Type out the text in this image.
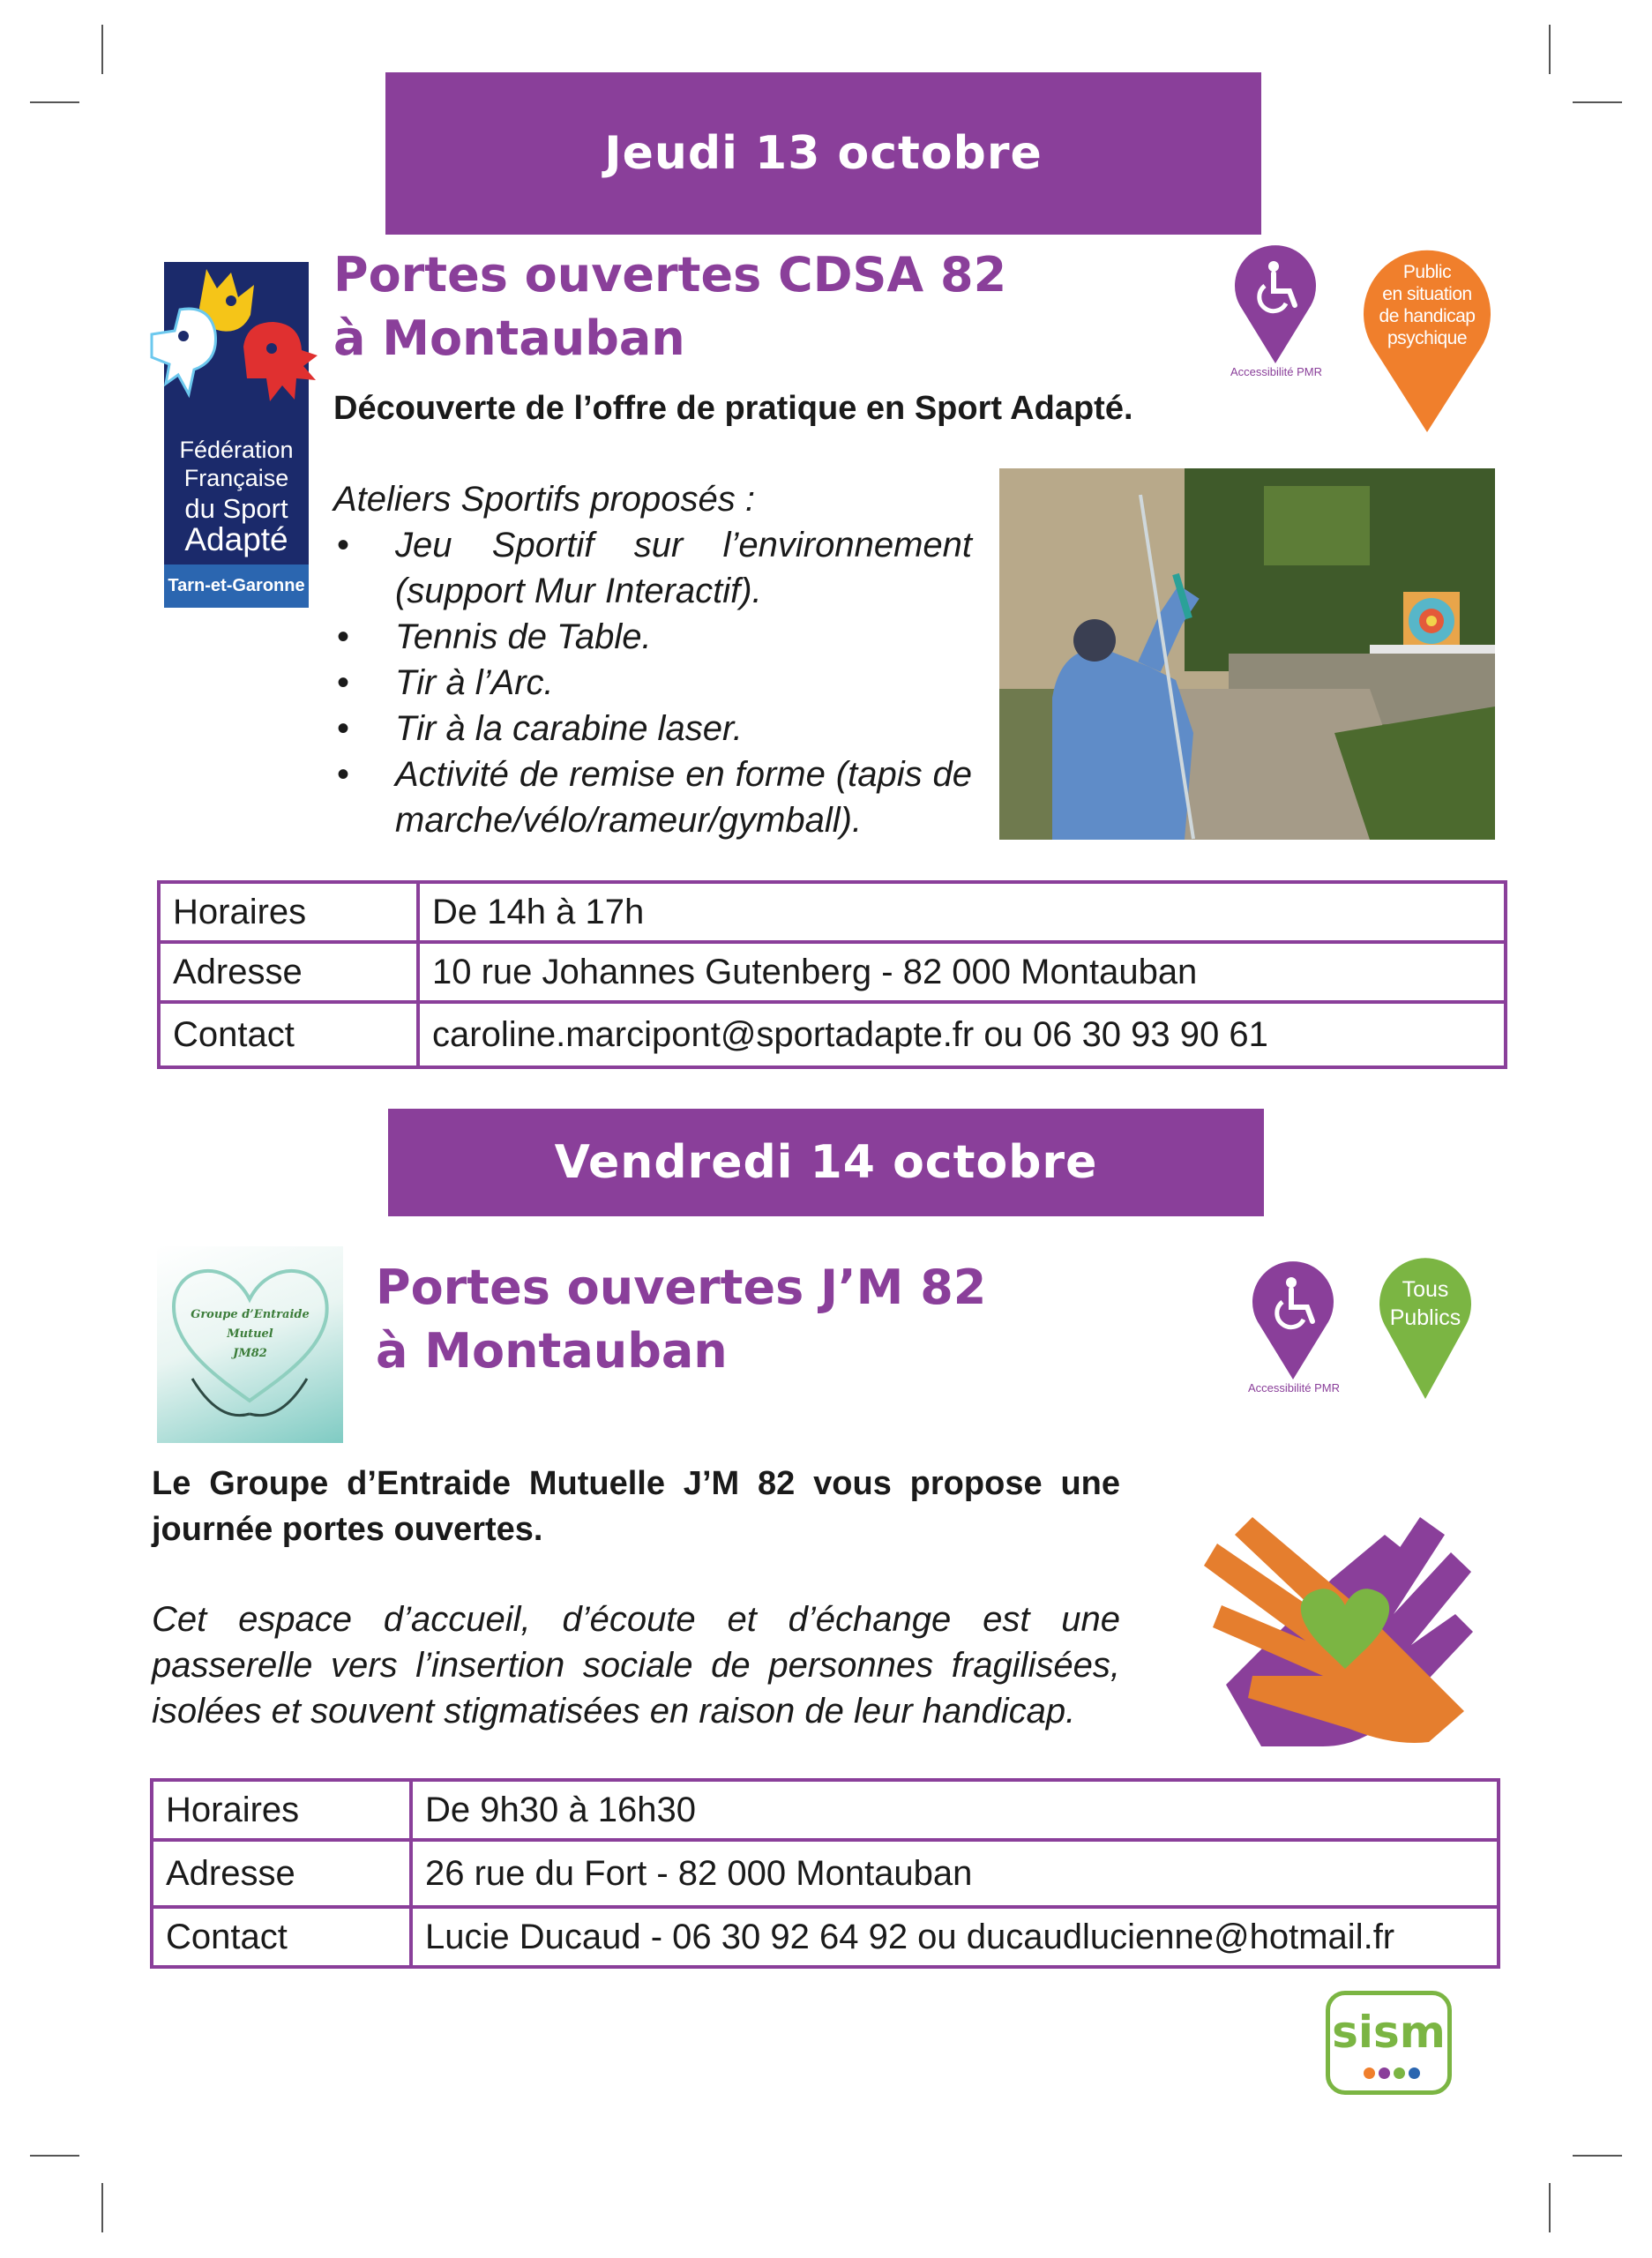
Jeudi 13 octobre
Fédération
Française
du Sport
Adapté
Tarn-et-Garonne
Portes ouvertes CDSA 82
à Montauban
Accessibilité PMR
Public
en situation
de handicap
psychique
Découverte de l’offre de pratique en Sport Adapté.
Ateliers Sportifs proposés :
• Jeu Sportif sur l’environnement (support Mur Interactif).
• Tennis de Table.
• Tir à l’Arc.
• Tir à la carabine laser.
• Activité de remise en forme (tapis de marche/vélo/rameur/gymball).
Horaires	De 14h à 17h
Adresse	10 rue Johannes Gutenberg - 82 000 Montauban
Contact	caroline.marcipont@sportadapte.fr ou 06 30 93 90 61
Vendredi 14 octobre
Groupe d’Entraide
Mutuel
JM82
Portes ouvertes J’M 82
à Montauban
Accessibilité PMR
Tous
Publics
Le Groupe d’Entraide Mutuelle J’M 82 vous propose une journée portes ouvertes.
Cet espace d’accueil, d’écoute et d’échange est une passerelle vers l’insertion sociale de personnes fragilisées, isolées et souvent stigmatisées en raison de leur handicap.
Horaires	De 9h30 à 16h30
Adresse	26 rue du Fort - 82 000 Montauban
Contact	Lucie Ducaud - 06 30 92 64 92 ou ducaudlucienne@hotmail.fr
sism
